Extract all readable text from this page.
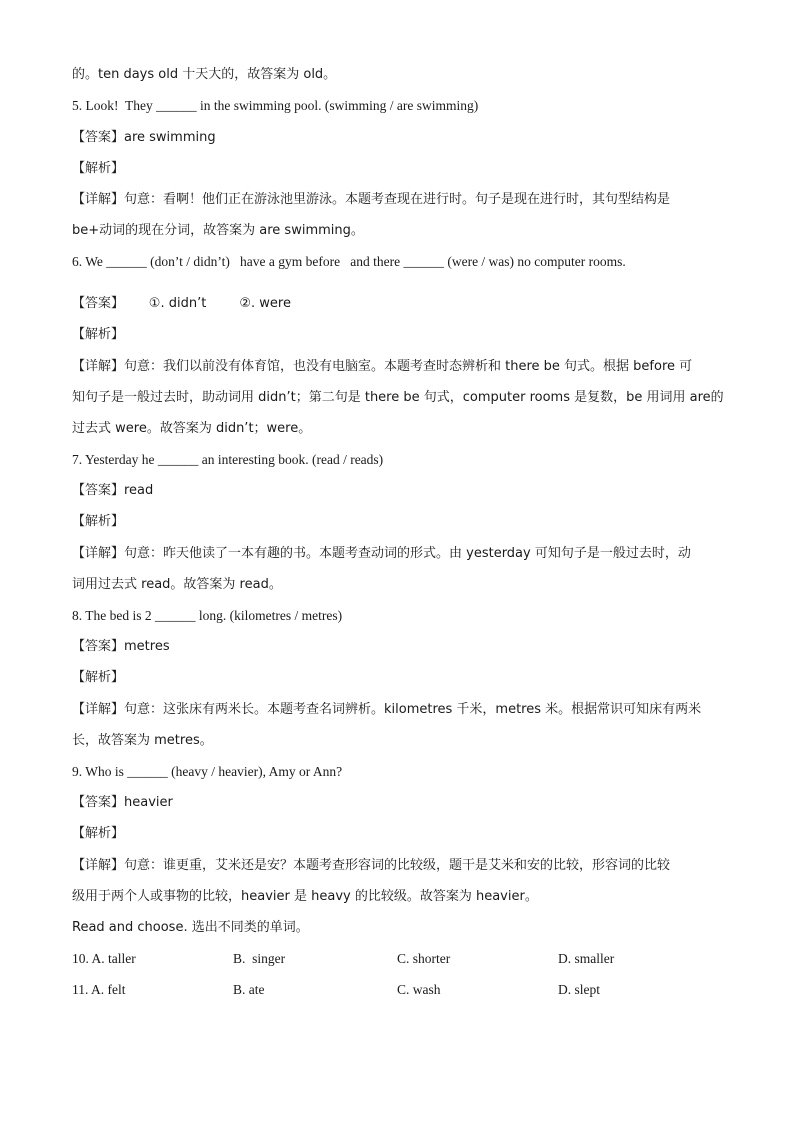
的。ten days old 十天大的，故答案为 old。
5. Look!  They ______ in the swimming pool. (swimming / are swimming)
【答案】are swimming
【解析】
【详解】句意：看啊！他们正在游泳池里游泳。本题考查现在进行时。句子是现在进行时，其句型结构是
be+动词的现在分词，故答案为 are swimming。
6. We ______ (don’t / didn’t)   have a gym before   and there ______ (were / was) no computer rooms.
【答案】      ①. didn’t        ②. were
【解析】
【详解】句意：我们以前没有体育馆，也没有电脑室。本题考查时态辨析和 there be 句式。根据 before 可
知句子是一般过去时，助动词用 didn’t；第二句是 there be 句式，computer rooms 是复数，be 用词用 are的
过去式 were。故答案为 didn’t；were。
7. Yesterday he ______ an interesting book. (read / reads)
【答案】read
【解析】
【详解】句意：昨天他读了一本有趣的书。本题考查动词的形式。由 yesterday 可知句子是一般过去时，动
词用过去式 read。故答案为 read。
8. The bed is 2 ______ long. (kilometres / metres)
【答案】metres
【解析】
【详解】句意：这张床有两米长。本题考查名词辨析。kilometres 千米，metres 米。根据常识可知床有两米
长，故答案为 metres。
9. Who is ______ (heavy / heavier), Amy or Ann?
【答案】heavier
【解析】
【详解】句意：谁更重，艾米还是安？本题考查形容词的比较级，题干是艾米和安的比较，形容词的比较
级用于两个人或事物的比较，heavier 是 heavy 的比较级。故答案为 heavier。
Read and choose. 选出不同类的单词。
10. A. taller	B.  singer	C. shorter	D. smaller
11. A. felt	B. ate	C. wash	D. slept
